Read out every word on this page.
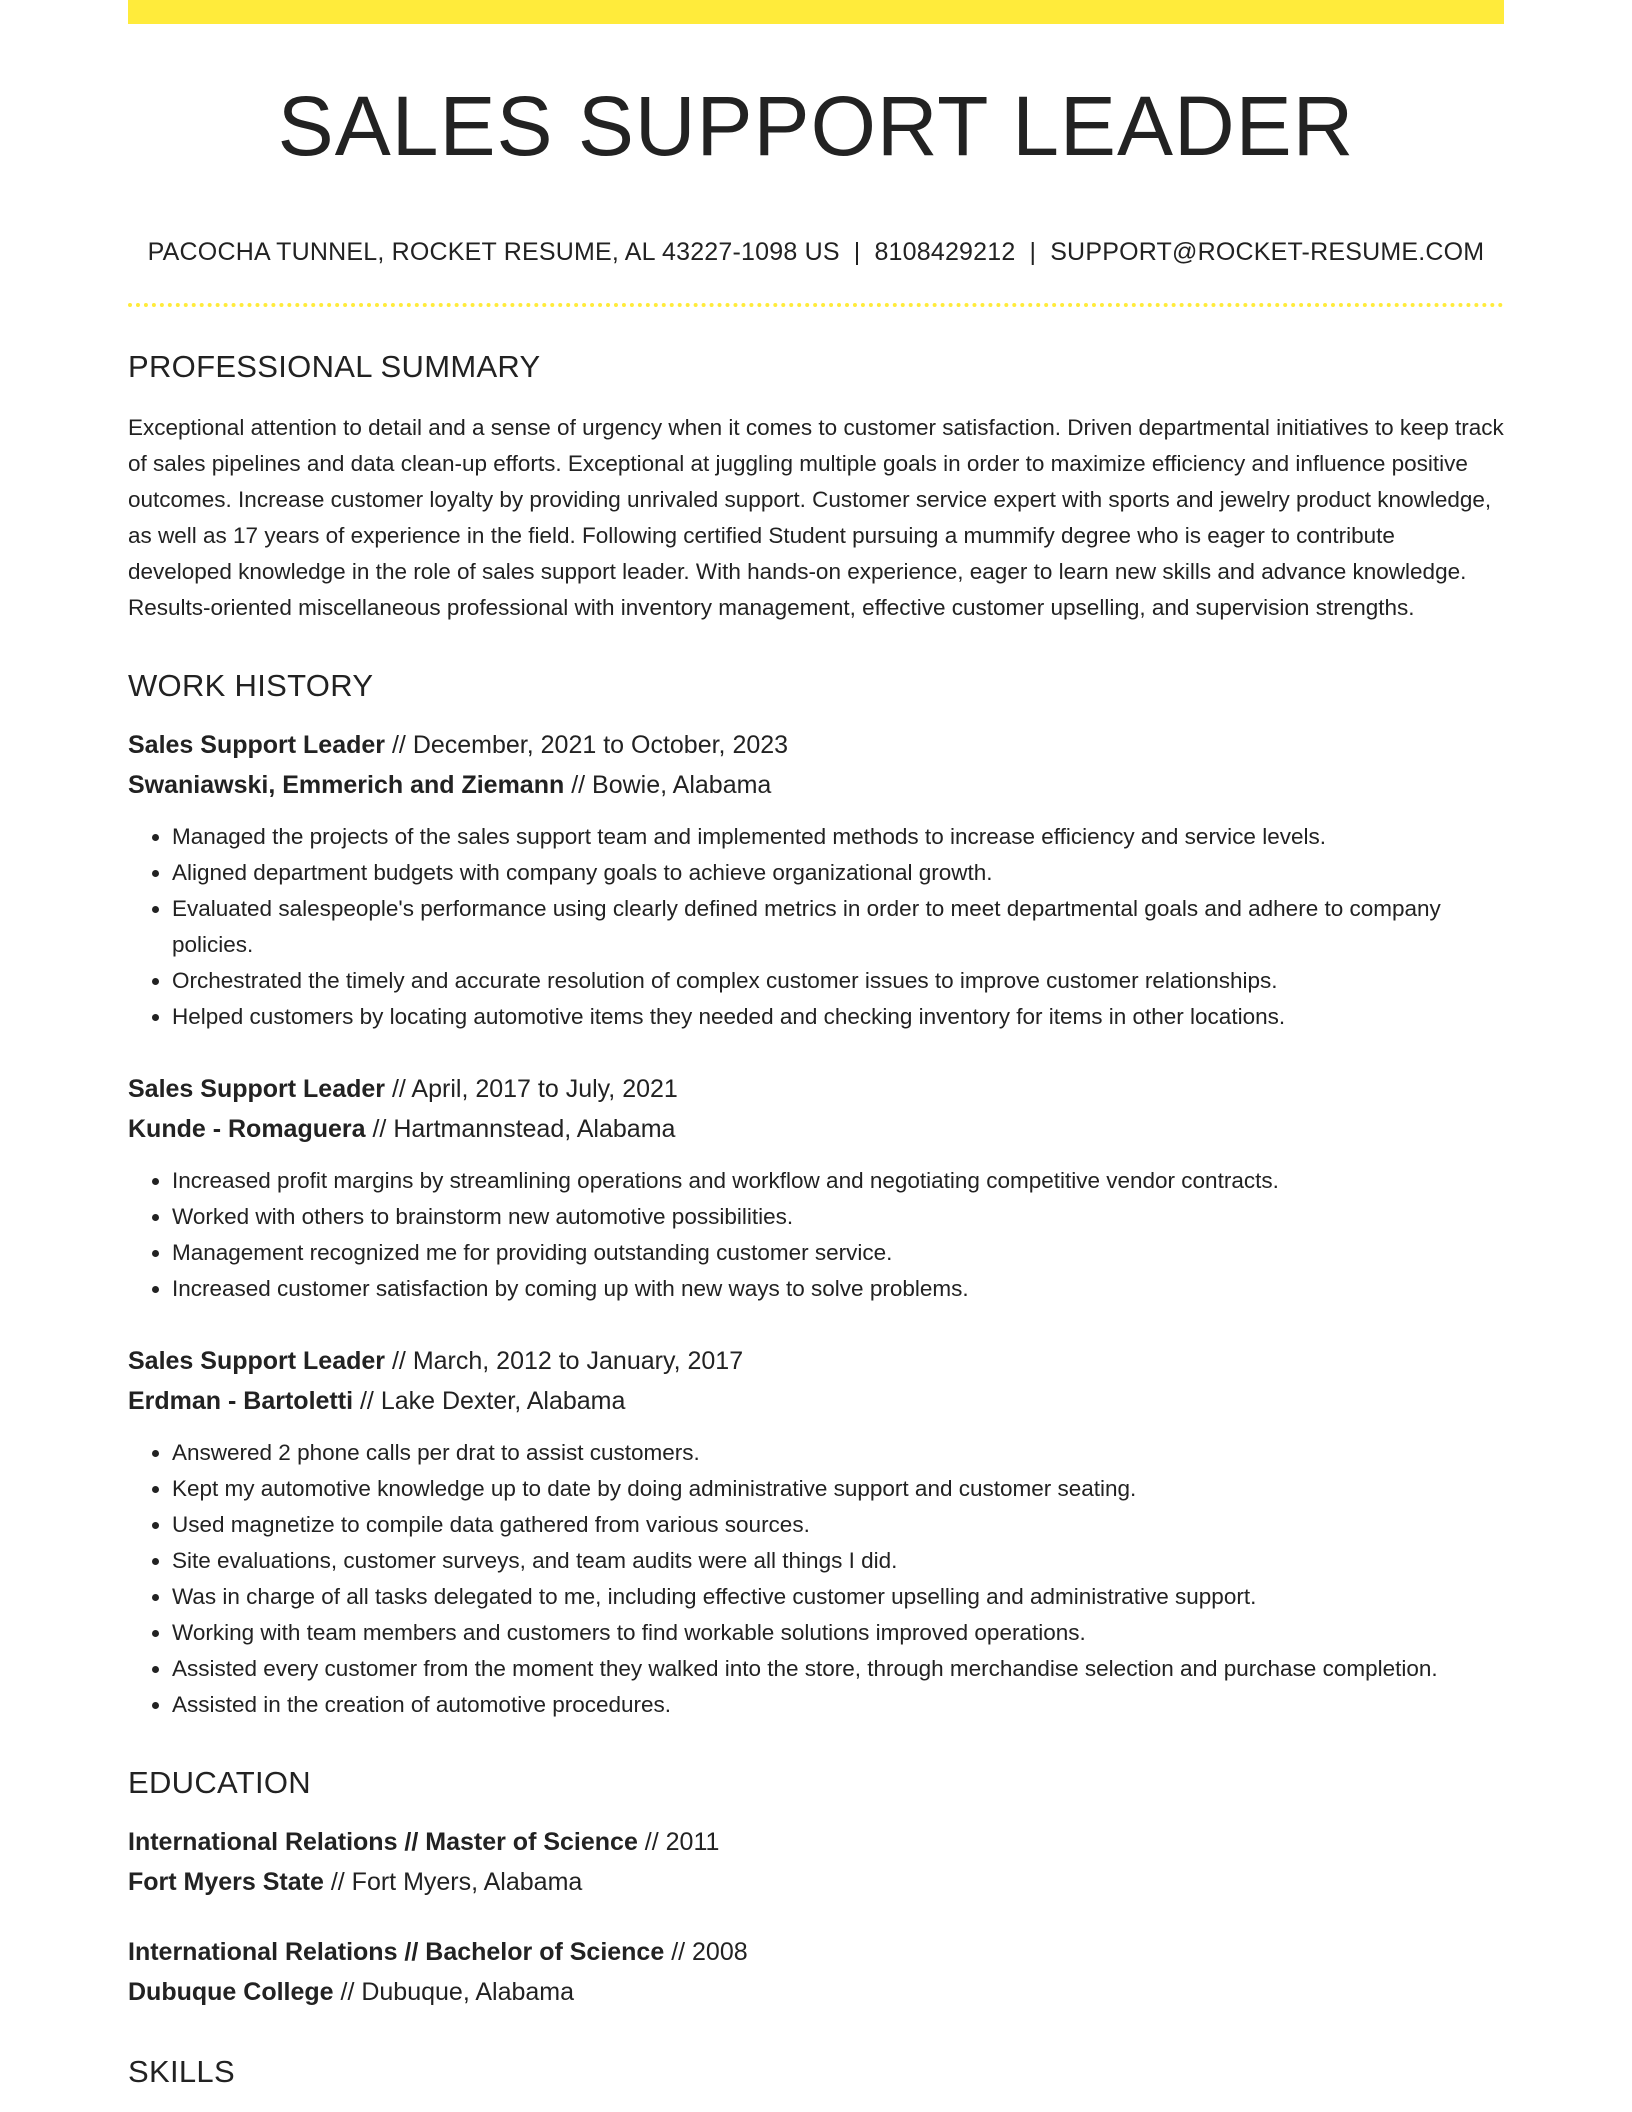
SALES SUPPORT LEADER
PACOCHA TUNNEL, ROCKET RESUME, AL 43227-1098 US | 8108429212 | SUPPORT@ROCKET-RESUME.COM
PROFESSIONAL SUMMARY
Exceptional attention to detail and a sense of urgency when it comes to customer satisfaction. Driven departmental initiatives to keep track of sales pipelines and data clean-up efforts. Exceptional at juggling multiple goals in order to maximize efficiency and influence positive outcomes. Increase customer loyalty by providing unrivaled support. Customer service expert with sports and jewelry product knowledge, as well as 17 years of experience in the field. Following certified Student pursuing a mummify degree who is eager to contribute developed knowledge in the role of sales support leader. With hands-on experience, eager to learn new skills and advance knowledge. Results-oriented miscellaneous professional with inventory management, effective customer upselling, and supervision strengths.
WORK HISTORY
Sales Support Leader // December, 2021 to October, 2023
Swaniawski, Emmerich and Ziemann // Bowie, Alabama
• Managed the projects of the sales support team and implemented methods to increase efficiency and service levels.
• Aligned department budgets with company goals to achieve organizational growth.
• Evaluated salespeople's performance using clearly defined metrics in order to meet departmental goals and adhere to company policies.
• Orchestrated the timely and accurate resolution of complex customer issues to improve customer relationships.
• Helped customers by locating automotive items they needed and checking inventory for items in other locations.
Sales Support Leader // April, 2017 to July, 2021
Kunde - Romaguera // Hartmannstead, Alabama
• Increased profit margins by streamlining operations and workflow and negotiating competitive vendor contracts.
• Worked with others to brainstorm new automotive possibilities.
• Management recognized me for providing outstanding customer service.
• Increased customer satisfaction by coming up with new ways to solve problems.
Sales Support Leader // March, 2012 to January, 2017
Erdman - Bartoletti // Lake Dexter, Alabama
• Answered 2 phone calls per drat to assist customers.
• Kept my automotive knowledge up to date by doing administrative support and customer seating.
• Used magnetize to compile data gathered from various sources.
• Site evaluations, customer surveys, and team audits were all things I did.
• Was in charge of all tasks delegated to me, including effective customer upselling and administrative support.
• Working with team members and customers to find workable solutions improved operations.
• Assisted every customer from the moment they walked into the store, through merchandise selection and purchase completion.
• Assisted in the creation of automotive procedures.
EDUCATION
International Relations // Master of Science // 2011
Fort Myers State // Fort Myers, Alabama
International Relations // Bachelor of Science // 2008
Dubuque College // Dubuque, Alabama
SKILLS
